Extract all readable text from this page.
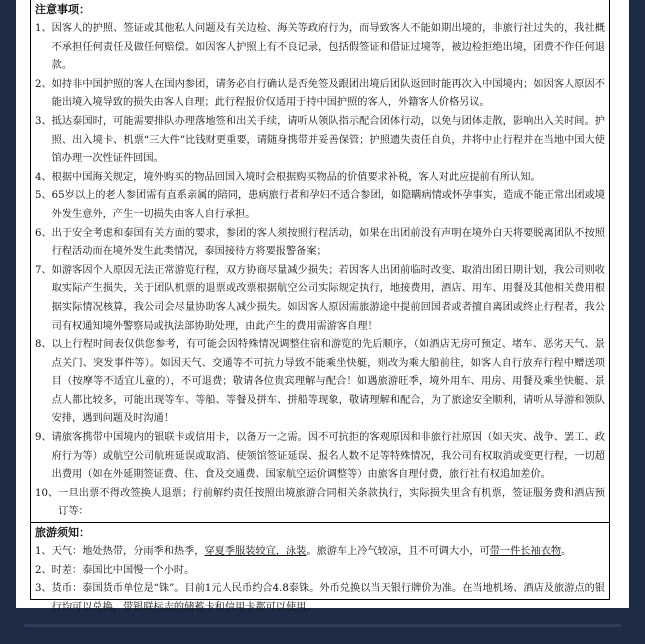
注意事项：
1、 因客人的护照、签证或其他私人问题及有关边检、海关等政府行为，而导致客人不能如期出境的，非旅行社过失的，我社概不承担任何责任及做任何赔偿。如因客人护照上有不良记录，包括假签证和借证过境等，被边检拒绝出境，团费不作任何退款。
2、 如持非中国护照的客人在国内参团，请务必自行确认是否免签及跟团出境后团队返回时能再次入中国境内；如因客人原因不能出境入境导致的损失由客人自理；此行程报价仅适用于持中国护照的客人，外籍客人价格另议。
3、 抵达泰国时，可能需要排队办理落地签和出关手续，请听从领队指示配合团体行动，以免与团体走散，影响出入关时间。护照、出入境卡、机票“三大件”比钱财更重要，请随身携带并妥善保管；护照遗失责任自负，并将中止行程并在当地中国大使馆办理一次性证件回国。
4、 根据中国海关规定，境外购买的物品回国入境时会根据购买物品的价值要求补税，客人对此应提前有所认知。
5、 65岁以上的老人参团需有直系亲属的陪同，患病旅行者和孕妇不适合参团，如隐瞒病情或怀孕事实，造成不能正常出团或境外发生意外，产生一切损失由客人自行承担。
6、 出于安全考虑和泰国有关方面的要求，参团的客人须按照行程活动，如果在出团前没有声明在境外白天将要脱离团队不按照行程活动而在境外发生此类情况，泰国接待方将要报警备案；
7、 如游客因个人原因无法正常游览行程，双方协商尽量减少损失；若因客人出团前临时改变、取消出团日期计划，我公司则收取实际产生损失，关于团队机票的退票或改票根据航空公司实际规定执行，地接费用，酒店、用车、用餐及其他相关费用根据实际情况核算，我公司会尽量协助客人减少损失。如因客人原因需旅游途中提前回国者或者擅自离团或终止行程者，我公司有权通知境外警察局或执法部协助处理，由此产生的费用需游客自理！
8、 以上行程时间表仅供您参考，有可能会因特殊情况调整住宿和游览的先后顺序，（如酒店无房可预定、堵车、恶劣天气、景点关门、突发事件等）。如因天气、交通等不可抗力导致不能乘坐快艇，则改为乘大船前往，如客人自行放弃行程中赠送项目（按摩等不适宜儿童的），不可退费；敬请各位贵宾理解与配合！如遇旅游旺季，境外用车、用房、用餐及乘坐快艇、景点人都比较多，可能出现等车、等船、等餐及拼车、拼船等现象，敬请理解和配合，为了旅途安全顺利，请听从导游和领队安排，遇到问题及时沟通！
9、 请旅客携带中国境内的银联卡或信用卡，以备万一之需。因不可抗拒的客观原因和非旅行社原因（如天灾、战争、罢工、政府行为等）或航空公司航班延误或取消、使领馆签证延误、报名人数不足等特殊情况，我公司有权取消或变更行程，一切超出费用（如在外延期签证费、住、食及交通费、国家航空运价调整等）由旅客自理付费，旅行社有权追加差价。
10、 一旦出票不得改签换人退票；行前解约责任按照出境旅游合同相关条款执行，实际损失里含有机票，签证服务费和酒店预订等：
旅游须知：
1、 天气：地处热带，分雨季和热季，穿夏季服装较宜，泳装。旅游车上冷气较凉，且不可调大小，可带一件长袖衣物。
2、 时差：泰国比中国慢一个小时。
3、 货币：泰国货币单位是“铢”。目前1元人民币约合4.8泰铢。外币兑换以当天银行牌价为准。在当地机场、酒店及旅游点的银行均可以兑换。带银联标志的储蓄卡和信用卡都可以使用。
